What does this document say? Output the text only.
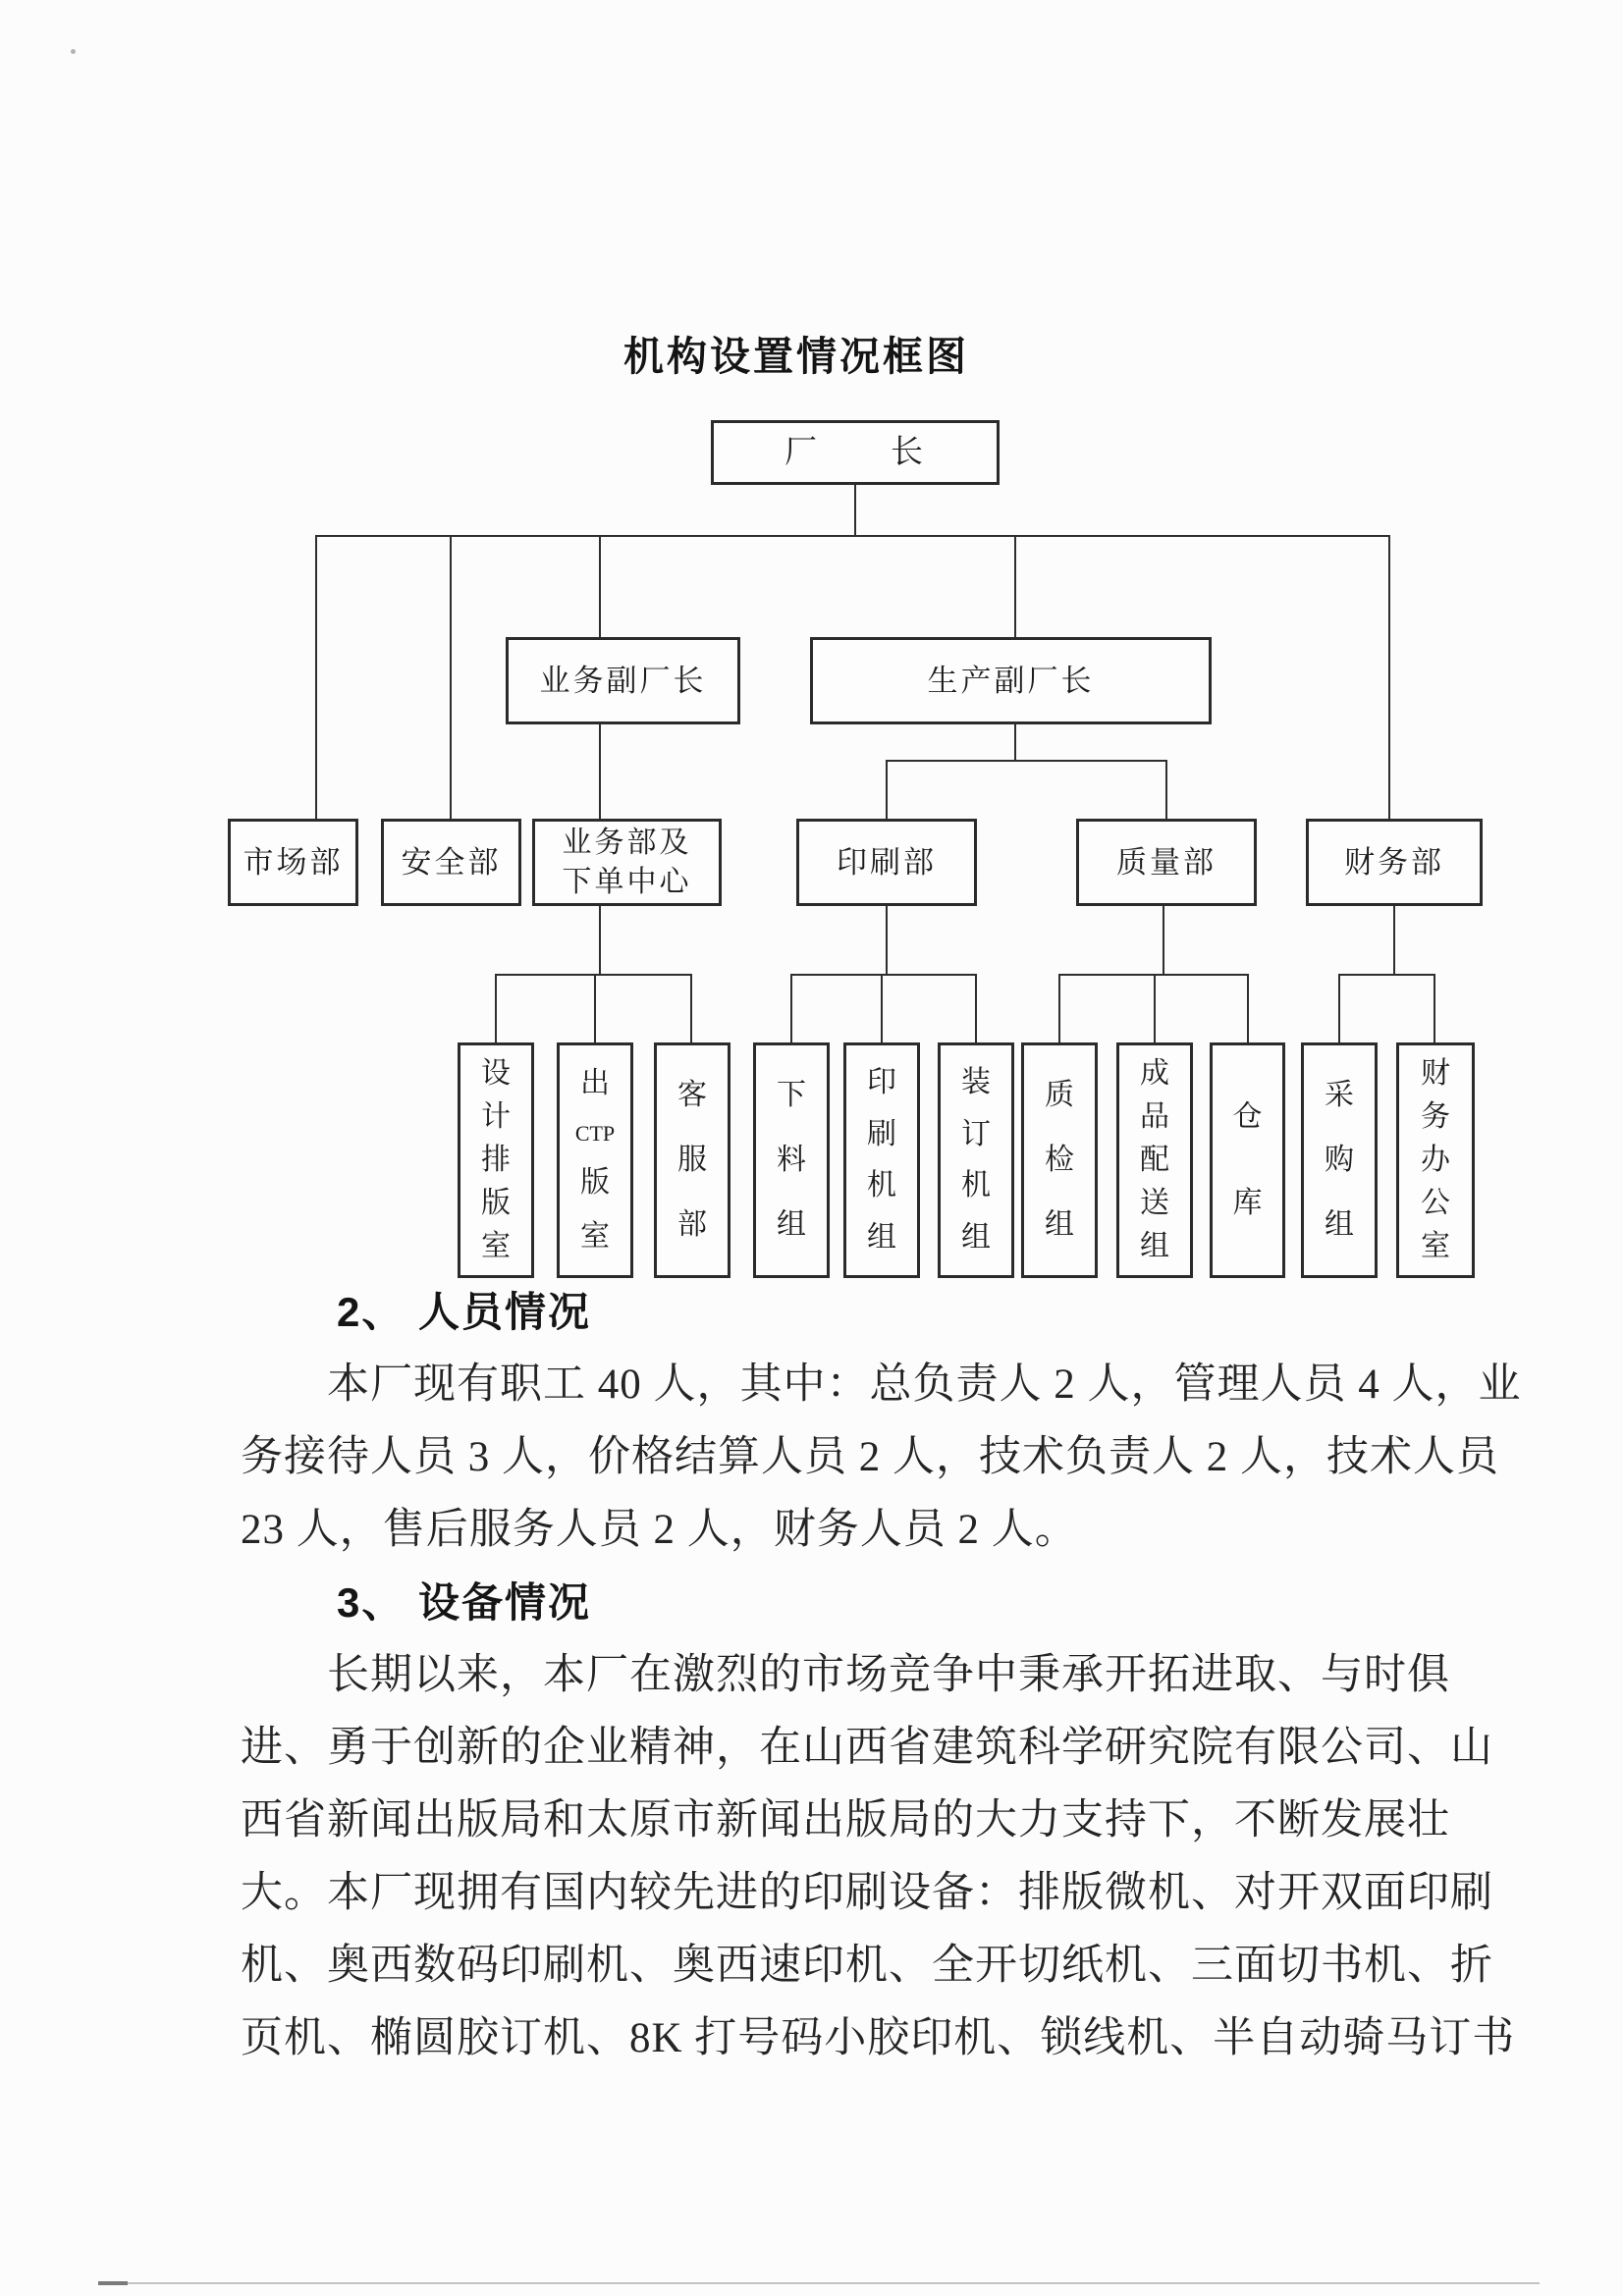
机构设置情况框图
厂　　长
业务副厂长	生产副厂长
市场部 安全部
业务部及
下单中心
印刷部	质量部	财务部
设
计
排
版
室
出
CTP
版
室
客
服
部
下
料
组
印
刷
机
组
装
订
机
组
质
检
组
成
品
配
送
组
仓
库
采
购
组
财
务
办
公
室
2、 人员情况
　　本厂现有职工 40 人，其中：总负责人 2 人，管理人员 4 人，业
务接待人员 3 人，价格结算人员 2 人，技术负责人 2 人，技术人员
23 人，售后服务人员 2 人，财务人员 2 人。
3、 设备情况
　　长期以来，本厂在激烈的市场竞争中秉承开拓进取、与时俱
进、勇于创新的企业精神，在山西省建筑科学研究院有限公司、山
西省新闻出版局和太原市新闻出版局的大力支持下，不断发展壮
大。本厂现拥有国内较先进的印刷设备：排版微机、对开双面印刷
机、奥西数码印刷机、奥西速印机、全开切纸机、三面切书机、折
页机、椭圆胶订机、8K 打号码小胶印机、锁线机、半自动骑马订书
